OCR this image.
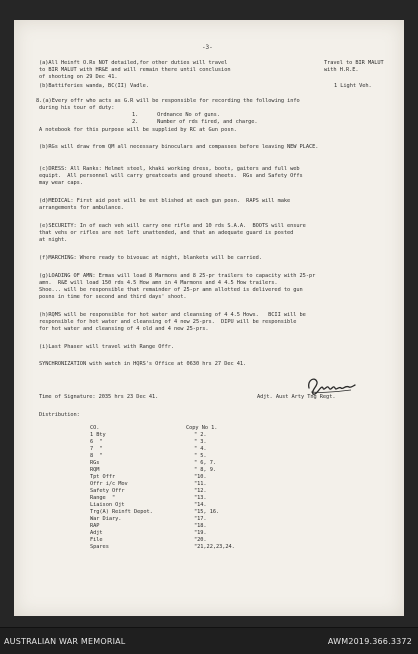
-3-
(a)All Heinft O.Rs NOT detailed,for other duties will travel
to BIR MALUT with HR&E and will remain there until conclusion
of shooting on 29 Dec 41.
(b)Battiferies wanda, BC(II) Vadle.
Travel to BIR MALUT
with H.R.E.
1 Light Veh.
8.(a)Every offr who acts as G.R will be responsible for recording the following info
during his tour of duty:
1.      Ordnance No of guns.
2.      Number of rds fired, and charge.
A notebook for this purpose will be supplied by RC at Gun posn.
(b)RGs will draw from QM all necessary binoculars and compasses before leaving NEW PLACE.
(c)DRESS: All Ranks: Helmet steel, khaki working dress, boots, gaiters and full web
equipt.  All personnel will carry greatcoats and ground sheets.  RGs and Safety Offs
may wear caps.
(d)MEDICAL: First aid post will be est blished at each gun posn.  RAPS will make
arrangements for ambulance.
(e)SECURITY: In of each veh will carry one rifle and 10 rds S.A.A.  BOOTS will ensure
that vehs or rifles are not left unattended, and that an adequate guard is posted
at night.
(f)MARCHING: Where ready to bivouac at night, blankets will be carried.
(g)LOADING OF AMN: Ermas will load 8 Marmons and 8 25-pr trailers to capacity with 25-pr
amn.  R&E will load 150 rds 4.5 How amn in 4 Marmons and 4 4.5 How trailers.
Shoe... will be responsible that remainder of 25-pr amn allotted is delivered to gun
posns in time for second and third days' shoot.
(h)RQMS will be responsible for hot water and cleansing of 4 4.5 Hows.   BCII will be
responsible for hot water and cleansing of 4 new 25-prs.  DIPU will be responsible
for hot water and cleansing of 4 old and 4 new 25-prs.
(i)Last Phaser will travel with Range Offr.
SYNCHRONIZATION with watch in HQRS's Office at 0630 hrs 27 Dec 41.
Time of Signature: 2035 hrs 23 Dec 41.	Adjt. Aust Arty Tng Regt.
Distribution:
CO.	Copy No 1.
1 Bty	" 2.
6  "	" 3.
7  "	" 4.
8  "	" 5.
RGs	" 6, 7.
RQM	" 8, 9.
Tpt Offr	"10.
Offr i/c Mov	"11.
Safety Offr	"12.
Range  "	"13.
Liaison Ojt	"14.
Trg(A) Reinft Depot.	"15, 16.
War Diary.	"17.
RAP	"18.
Adjt	"19.
File	"20.
Spares	"21,22,23,24.
AUSTRALIAN WAR MEMORIAL	AWM2019.366.3372
